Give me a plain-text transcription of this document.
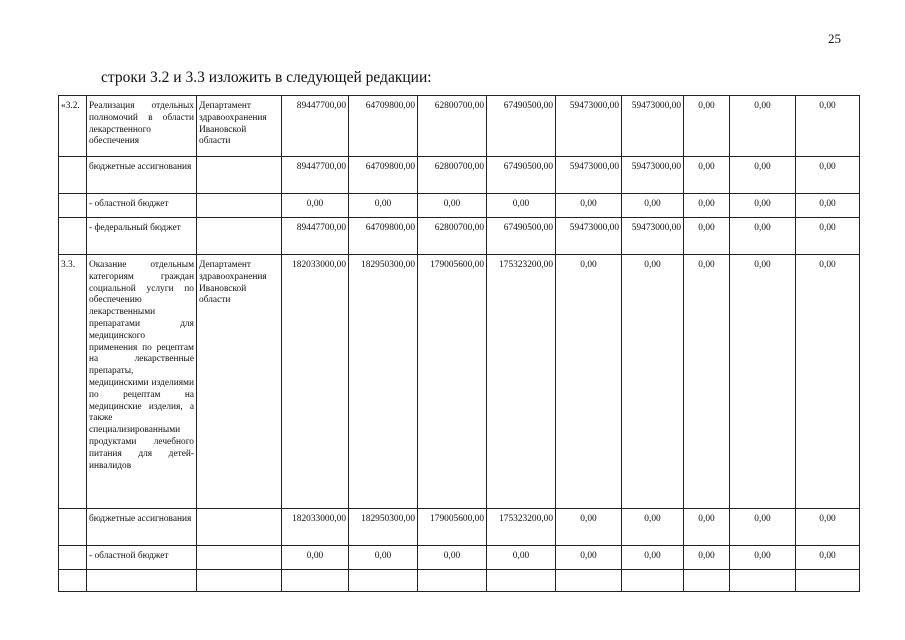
25
строки 3.2 и 3.3 изложить в следующей редакции:
«3.2.	Реализация отдельных полномочий в области лекарственного обеспечения	Департамент здравоохранения Ивановской области	89447700,00	64709800,00	62800700,00	67490500,00	59473000,00	59473000,00	0,00	0,00	0,00
	бюджетные ассигнования		89447700,00	64709800,00	62800700,00	67490500,00	59473000,00	59473000,00	0,00	0,00	0,00
	- областной бюджет		0,00	0,00	0,00	0,00	0,00	0,00	0,00	0,00	0,00
	- федеральный бюджет		89447700,00	64709800,00	62800700,00	67490500,00	59473000,00	59473000,00	0,00	0,00	0,00
3.3.	Оказание отдельным категориям граждан социальной услуги по обеспечению лекарственными препаратами для медицинского применения по рецептам на лекарственные препараты, медицинскими изделиями по рецептам на медицинские изделия, а также специализированными продуктами лечебного питания для детей-инвалидов	Департамент здравоохранения Ивановской области	182033000,00	182950300,00	179005600,00	175323200,00	0,00	0,00	0,00	0,00	0,00
	бюджетные ассигнования		182033000,00	182950300,00	179005600,00	175323200,00	0,00	0,00	0,00	0,00	0,00
	- областной бюджет		0,00	0,00	0,00	0,00	0,00	0,00	0,00	0,00	0,00
